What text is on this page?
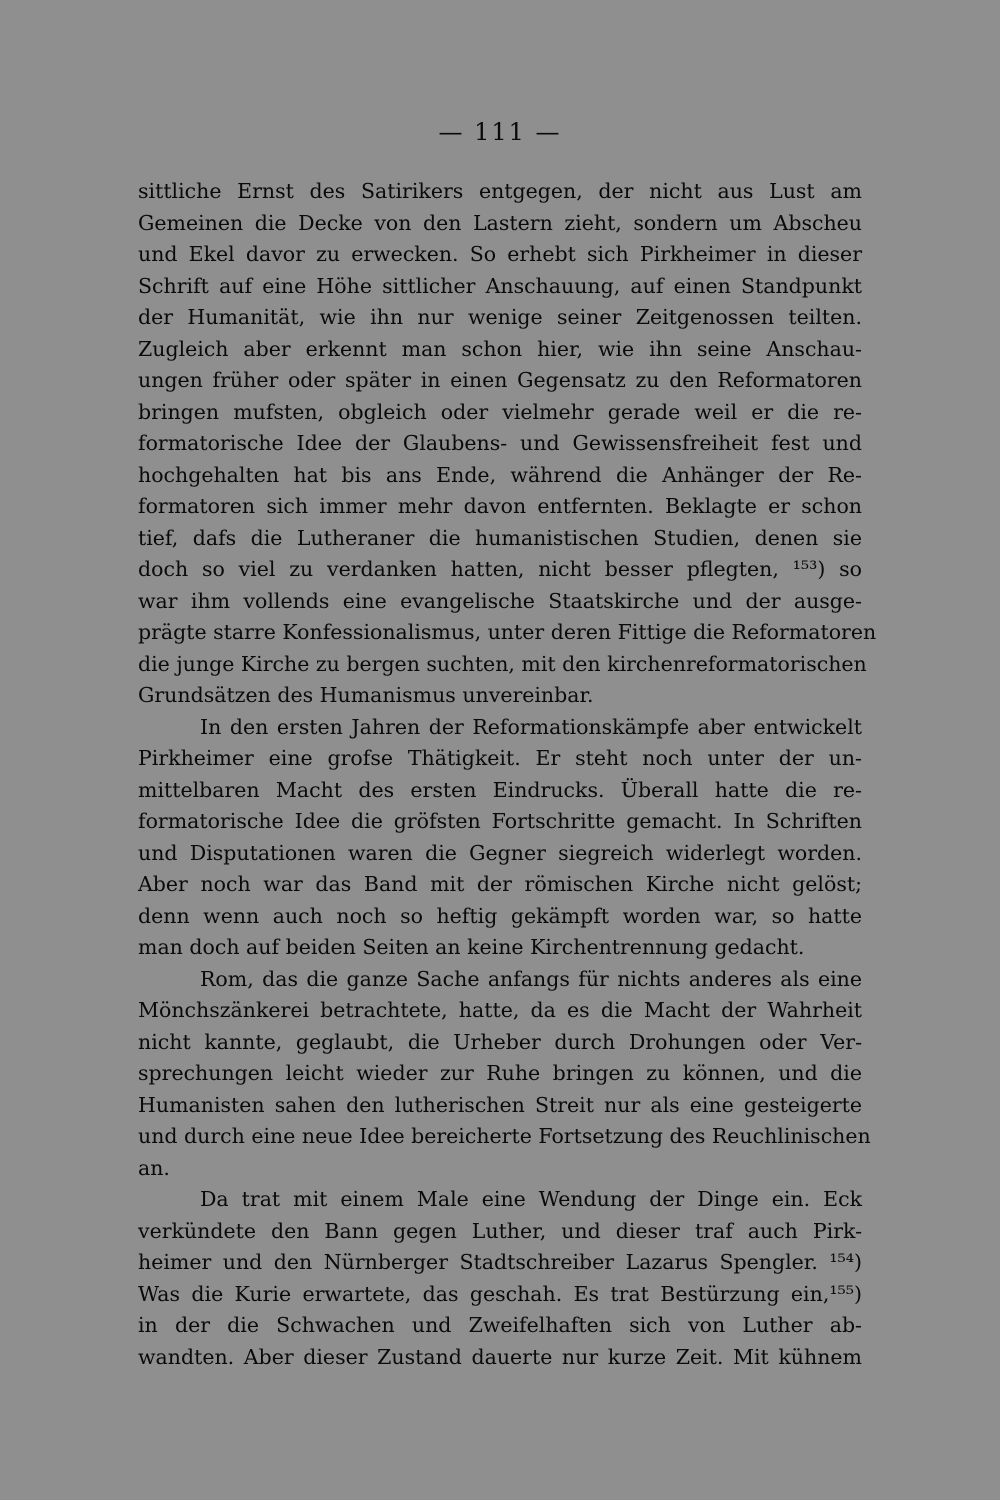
— 111 —
sittliche Ernst des Satirikers entgegen, der nicht aus Lust am
Gemeinen die Decke von den Lastern zieht, sondern um Abscheu
und Ekel davor zu erwecken. So erhebt sich Pirkheimer in dieser
Schrift auf eine Höhe sittlicher Anschauung, auf einen Standpunkt
der Humanität, wie ihn nur wenige seiner Zeitgenossen teilten.
Zugleich aber erkennt man schon hier, wie ihn seine Anschau-
ungen früher oder später in einen Gegensatz zu den Reformatoren
bringen mufsten, obgleich oder vielmehr gerade weil er die re-
formatorische Idee der Glaubens- und Gewissensfreiheit fest und
hochgehalten hat bis ans Ende, während die Anhänger der Re-
formatoren sich immer mehr davon entfernten. Beklagte er schon
tief, dafs die Lutheraner die humanistischen Studien, denen sie
doch so viel zu verdanken hatten, nicht besser pflegten, ¹⁵³) so
war ihm vollends eine evangelische Staatskirche und der ausge-
prägte starre Konfessionalismus, unter deren Fittige die Reformatoren
die junge Kirche zu bergen suchten, mit den kirchenreformatorischen
Grundsätzen des Humanismus unvereinbar.
In den ersten Jahren der Reformationskämpfe aber entwickelt
Pirkheimer eine grofse Thätigkeit. Er steht noch unter der un-
mittelbaren Macht des ersten Eindrucks. Überall hatte die re-
formatorische Idee die gröfsten Fortschritte gemacht. In Schriften
und Disputationen waren die Gegner siegreich widerlegt worden.
Aber noch war das Band mit der römischen Kirche nicht gelöst;
denn wenn auch noch so heftig gekämpft worden war, so hatte
man doch auf beiden Seiten an keine Kirchentrennung gedacht.
Rom, das die ganze Sache anfangs für nichts anderes als eine
Mönchszänkerei betrachtete, hatte, da es die Macht der Wahrheit
nicht kannte, geglaubt, die Urheber durch Drohungen oder Ver-
sprechungen leicht wieder zur Ruhe bringen zu können, und die
Humanisten sahen den lutherischen Streit nur als eine gesteigerte
und durch eine neue Idee bereicherte Fortsetzung des Reuchlinischen
an.
Da trat mit einem Male eine Wendung der Dinge ein. Eck
verkündete den Bann gegen Luther, und dieser traf auch Pirk-
heimer und den Nürnberger Stadtschreiber Lazarus Spengler. ¹⁵⁴)
Was die Kurie erwartete, das geschah. Es trat Bestürzung ein,¹⁵⁵)
in der die Schwachen und Zweifelhaften sich von Luther ab-
wandten. Aber dieser Zustand dauerte nur kurze Zeit. Mit kühnem
